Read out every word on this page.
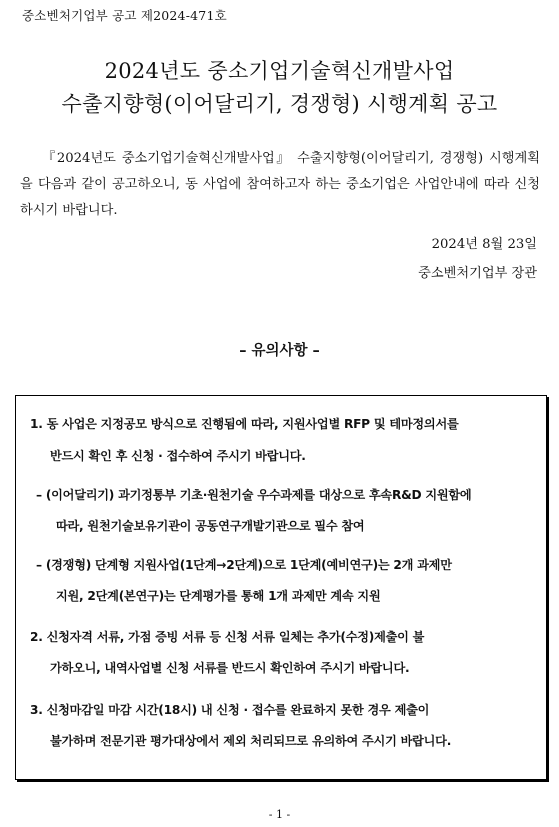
중소벤처기업부 공고 제2024-471호
2024년도 중소기업기술혁신개발사업
수출지향형(이어달리기, 경쟁형) 시행계획 공고

『2024년도 중소기업기술혁신개발사업』 수출지향형(이어달리기, 경쟁형) 시행계획을 다음과 같이 공고하오니, 동 사업에 참여하고자 하는 중소기업은 사업안내에 따라 신청하시기 바랍니다.

2024년 8월 23일
중소벤처기업부 장관
– 유의사항 –
1. 동 사업은 지정공모 방식으로 진행됨에 따라, 지원사업별 RFP 및 테마정의서를
반드시 확인 후 신청 · 접수하여 주시기 바랍니다.
– (이어달리기) 과기정통부 기초·원천기술 우수과제를 대상으로 후속R&D 지원함에
따라, 원천기술보유기관이 공동연구개발기관으로 필수 참여
– (경쟁형) 단계형 지원사업(1단계→2단계)으로 1단계(예비연구)는 2개 과제만
지원, 2단계(본연구)는 단계평가를 통해 1개 과제만 계속 지원
2. 신청자격 서류, 가점 증빙 서류 등 신청 서류 일체는 추가(수정)제출이 불
가하오니, 내역사업별 신청 서류를 반드시 확인하여 주시기 바랍니다.
3. 신청마감일 마감 시간(18시) 내 신청 · 접수를 완료하지 못한 경우 제출이
불가하며 전문기관 평가대상에서 제외 처리되므로 유의하여 주시기 바랍니다.
- 1 -
